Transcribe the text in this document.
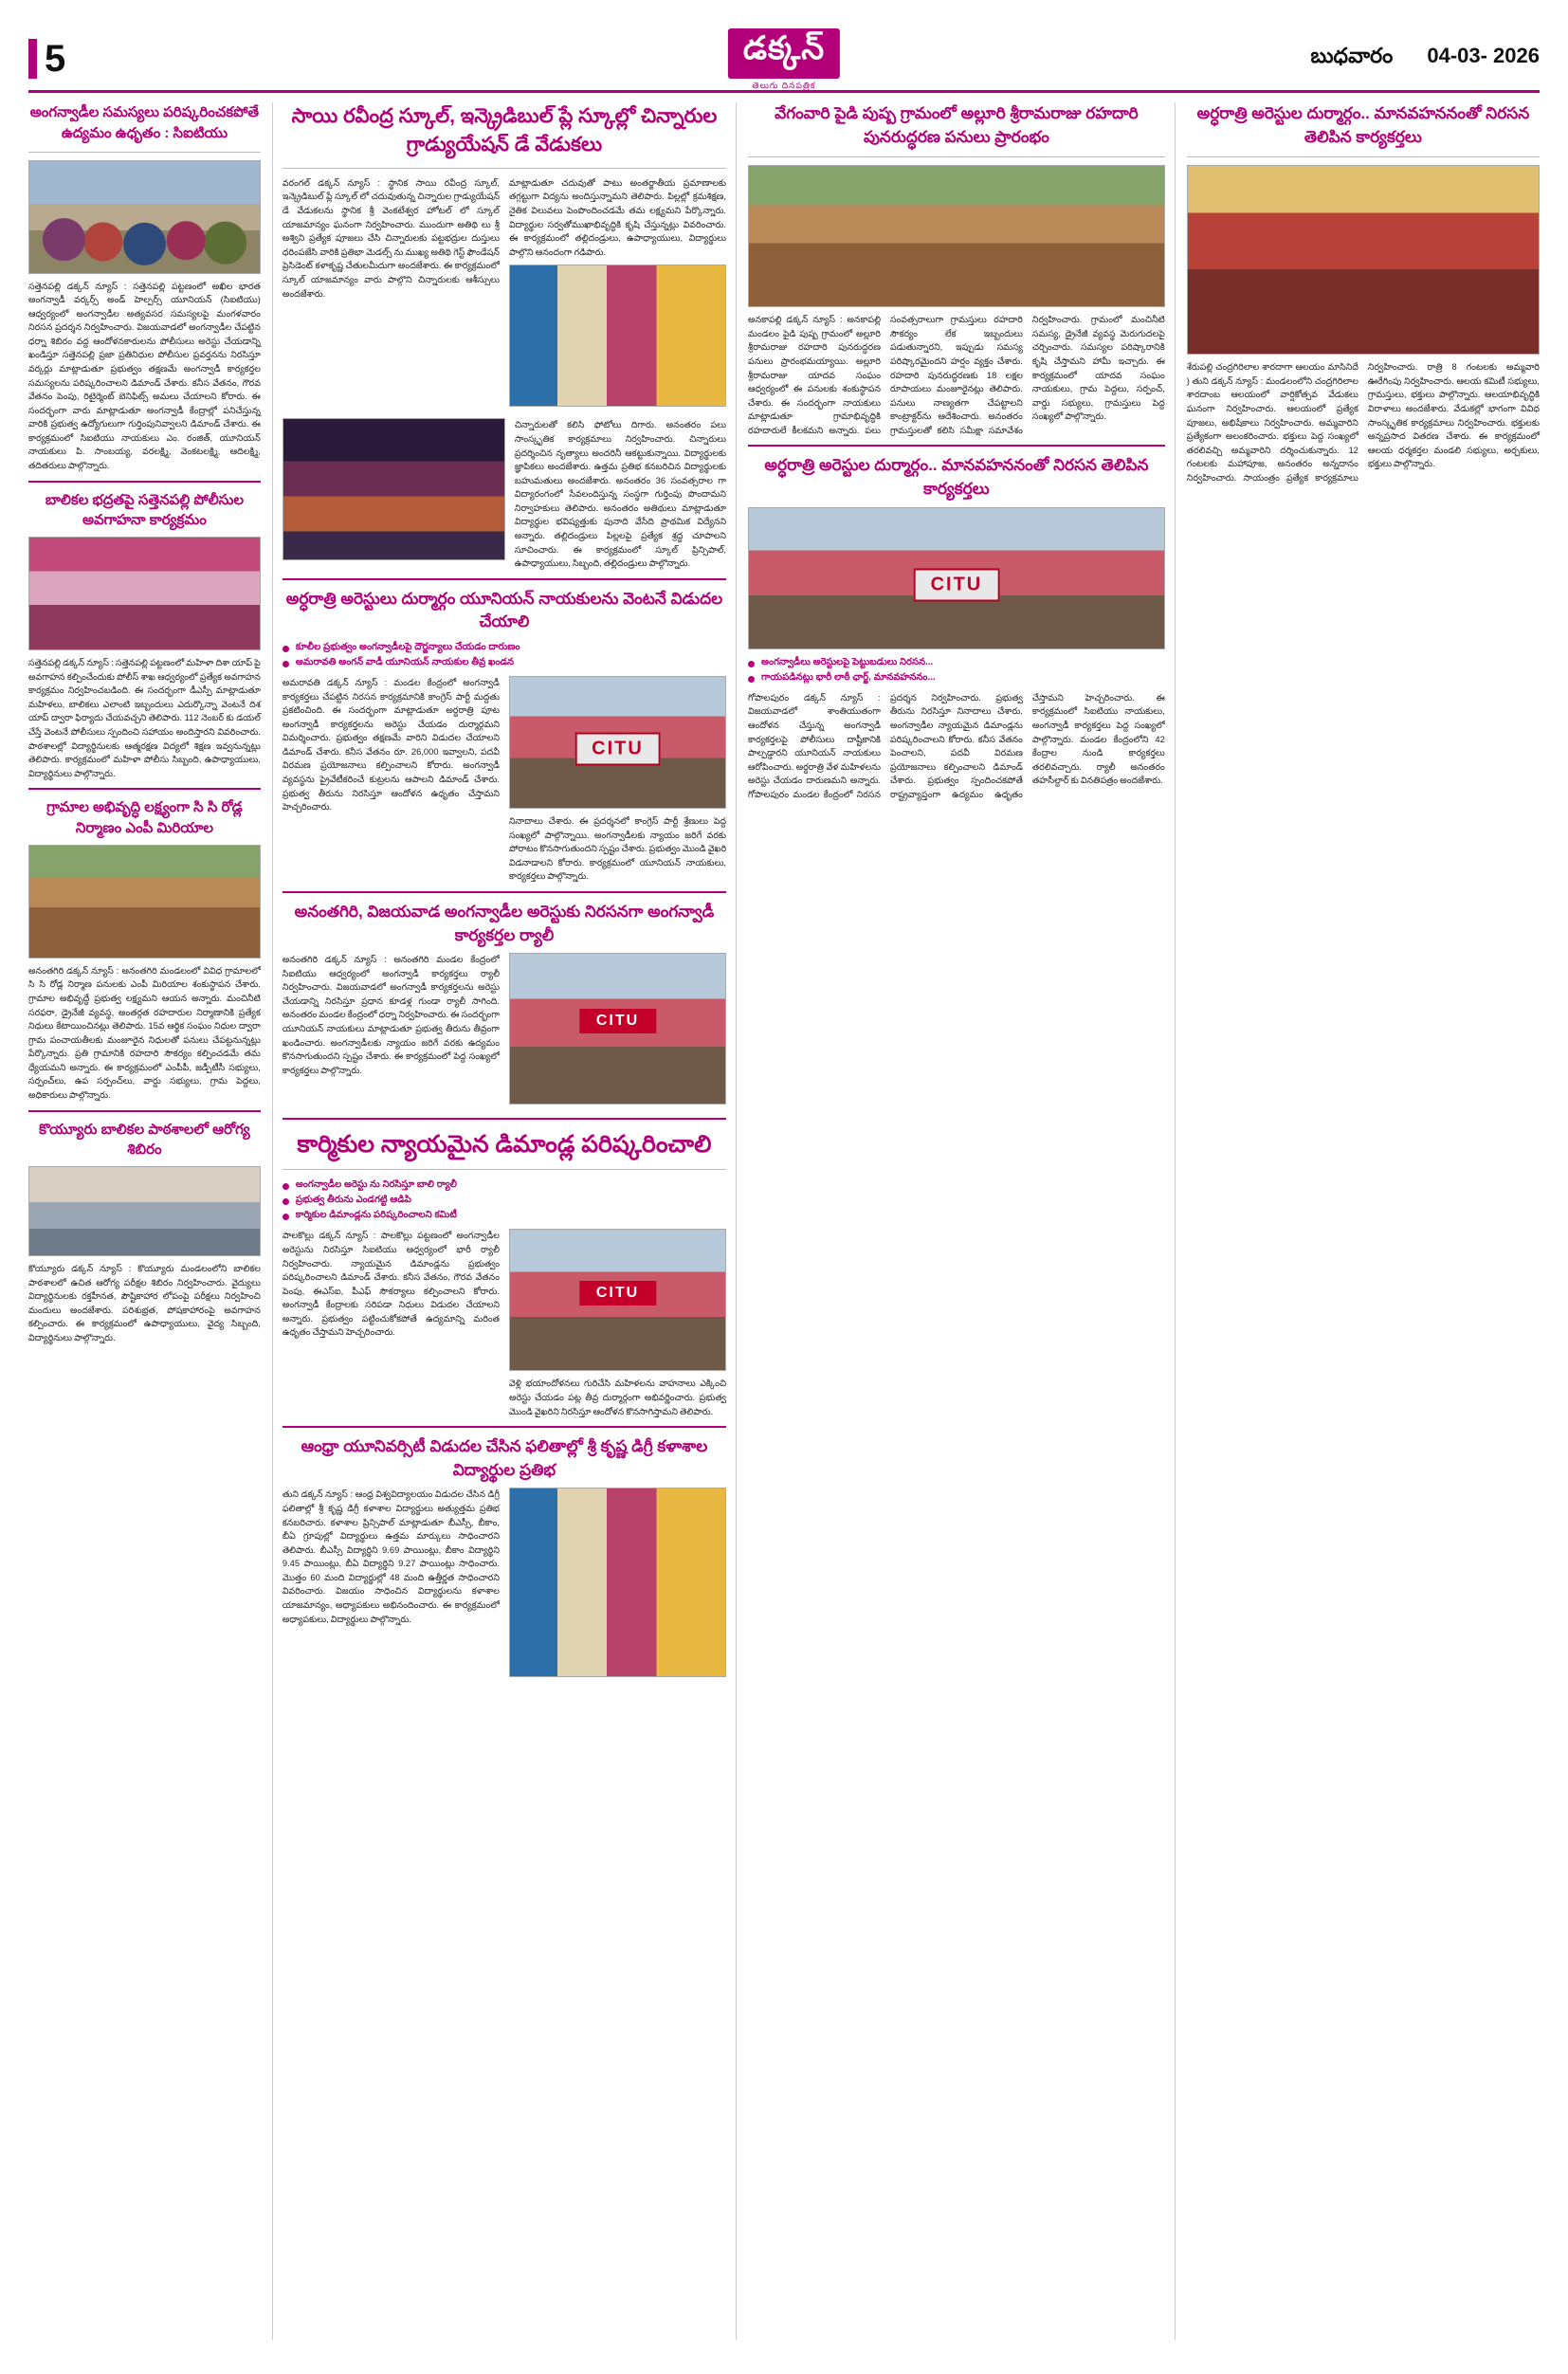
5	డక్కన్
తెలుగు దినపత్రిక
బుధవారం 04-03- 2026
అంగన్వాడీల సమస్యలు పరిష్కరించకపోతే ఉద్యమం ఉధృతం : సిఐటియు
సత్తెనపల్లి డక్కన్ న్యూస్ : సత్తెనపల్లి పట్టణంలో అఖిల భారత అంగన్వాడీ వర్కర్స్ అండ్ హెల్పర్స్ యూనియన్ (సిఐటియు) ఆధ్వర్యంలో అంగన్వాడీల అత్యవసర సమస్యలపై మంగళవారం నిరసన ప్రదర్శన నిర్వహించారు. విజయవాడలో అంగన్వాడీల చేపట్టిన ధర్నా శిబిరం వద్ద ఆందోళనకారులను పోలీసులు అరెస్టు చేయడాన్ని ఖండిస్తూ సత్తెనపల్లి ప్రజా ప్రతినిధుల పోలీసుల ప్రవర్తనను నిరసిస్తూ వర్కర్లు మాట్లాడుతూ ప్రభుత్వం తక్షణమే అంగన్వాడీ కార్యకర్తల సమస్యలను పరిష్కరించాలని డిమాండ్ చేశారు. కనీస వేతనం, గౌరవ వేతనం పెంపు, రిటైర్మెంట్ బెనిఫిట్స్ అమలు చేయాలని కోరారు. ఈ సందర్భంగా వారు మాట్లాడుతూ అంగన్వాడీ కేంద్రాల్లో పనిచేస్తున్న వారికి ప్రభుత్వ ఉద్యోగులుగా గుర్తింపునివ్వాలని డిమాండ్ చేశారు. ఈ కార్యక్రమంలో సిఐటియు నాయకులు ఎం. రంజిత్, యూనియన్ నాయకులు పి. సాంబయ్య, వరలక్ష్మి, వెంకటలక్ష్మి, ఆదిలక్ష్మి, తదితరులు పాల్గొన్నారు.
బాలికల భద్రతపై సత్తెనపల్లి పోలీసుల అవగాహనా కార్యక్రమం
సత్తెనపల్లి డక్కన్ న్యూస్ : సత్తెనపల్లి పట్టణంలో మహిళా దిశా యాప్ పై అవగాహన కల్పించేందుకు పోలీస్ శాఖ ఆధ్వర్యంలో ప్రత్యేక అవగాహన కార్యక్రమం నిర్వహించబడింది. ఈ సందర్భంగా డీఎస్పీ మాట్లాడుతూ మహిళలు, బాలికలు ఎలాంటి ఇబ్బందులు ఎదుర్కొన్నా వెంటనే దిశ యాప్ ద్వారా ఫిర్యాదు చేయవచ్చని తెలిపారు. 112 నెంబర్ కు డయల్ చేస్తే వెంటనే పోలీసులు స్పందించి సహాయం అందిస్తారని వివరించారు. పాఠశాలల్లో విద్యార్థినులకు ఆత్మరక్షణ విద్యలో శిక్షణ ఇవ్వనున్నట్లు తెలిపారు. కార్యక్రమంలో మహిళా పోలీసు సిబ్బంది, ఉపాధ్యాయులు, విద్యార్థినులు పాల్గొన్నారు.
గ్రామాల అభివృద్ధి లక్ష్యంగా సి సి రోడ్ల నిర్మాణం ఎంపీ మిరియాల
అనంతగిరి డక్కన్ న్యూస్ : అనంతగిరి మండలంలో వివిధ గ్రామాలలో సి సి రోడ్ల నిర్మాణ పనులకు ఎంపీ మిరియాల శంకుస్థాపన చేశారు. గ్రామాల అభివృద్ధే ప్రభుత్వ లక్ష్యమని ఆయన అన్నారు. మంచినీటి సరఫరా, డ్రైనేజీ వ్యవస్థ, అంతర్గత రహదారుల నిర్మాణానికి ప్రత్యేక నిధులు కేటాయించినట్లు తెలిపారు. 15వ ఆర్థిక సంఘం నిధుల ద్వారా గ్రామ పంచాయతీలకు మంజూరైన నిధులతో పనులు చేపట్టనున్నట్లు పేర్కొన్నారు. ప్రతి గ్రామానికి రహదారి సౌకర్యం కల్పించడమే తమ ధ్యేయమని అన్నారు. ఈ కార్యక్రమంలో ఎంపీపీ, జడ్పీటీసీ సభ్యులు, సర్పంచ్‌లు, ఉప సర్పంచ్‌లు, వార్డు సభ్యులు, గ్రామ పెద్దలు, అధికారులు పాల్గొన్నారు.
కొయ్యూరు బాలికల పాఠశాలలో ఆరోగ్య శిబిరం
కొయ్యూరు డక్కన్ న్యూస్ : కొయ్యూరు మండలంలోని బాలికల పాఠశాలలో ఉచిత ఆరోగ్య పరీక్షల శిబిరం నిర్వహించారు. వైద్యులు విద్యార్థినులకు రక్తహీనత, పౌష్టికాహార లోపంపై పరీక్షలు నిర్వహించి మందులు అందజేశారు. పరిశుభ్రత, పోషకాహారంపై అవగాహన కల్పించారు. ఈ కార్యక్రమంలో ఉపాధ్యాయులు, వైద్య సిబ్బంది, విద్యార్థినులు పాల్గొన్నారు.
సాయి రవీంద్ర స్కూల్, ఇన్క్రెడిబుల్ ప్లే స్కూల్లో చిన్నారుల గ్రాడ్యుయేషన్ డే వేడుకలు
వరంగల్ డక్కన్ న్యూస్ : స్థానిక సాయి రవీంద్ర స్కూల్, ఇన్క్రెడిబుల్ ప్లే స్కూల్ లో చదువుతున్న చిన్నారుల గ్రాడ్యుయేషన్ డే వేడుకలను స్థానిక శ్రీ వెంకటేశ్వర హోటల్ లో స్కూల్ యాజమాన్యం ఘనంగా నిర్వహించారు. ముందుగా అతిథి లు శ్రీ అశ్విని ప్రత్యేక పూజలు చేసి చిన్నారులకు పట్టభద్రుల దుస్తులు ధరింపజేసి వారికి ప్రతిభా మెడల్స్ ను ముఖ్య అతిథి గెస్ట్ ఫౌండేషన్ ప్రెసిడెంట్ కళాకృష్ణ చేతులమీదుగా అందజేశారు. ఈ కార్యక్రమంలో స్కూల్ యాజమాన్యం వారు పాల్గొని చిన్నారులకు ఆశీస్సులు అందజేశారు.
మాట్లాడుతూ చదువుతో పాటు అంతర్జాతీయ ప్రమాణాలకు తగ్గట్టుగా విద్యను అందిస్తున్నామని తెలిపారు. పిల్లల్లో క్రమశిక్షణ, నైతిక విలువలు పెంపొందించడమే తమ లక్ష్యమని పేర్కొన్నారు. విద్యార్థుల సర్వతోముఖాభివృద్ధికి కృషి చేస్తున్నట్లు వివరించారు. ఈ కార్యక్రమంలో తల్లిదండ్రులు, ఉపాధ్యాయులు, విద్యార్థులు పాల్గొని ఆనందంగా గడిపారు.
చిన్నారులతో కలిసి ఫోటోలు దిగారు. అనంతరం పలు సాంస్కృతిక కార్యక్రమాలు నిర్వహించారు. చిన్నారులు ప్రదర్శించిన నృత్యాలు అందరినీ ఆకట్టుకున్నాయి. విద్యార్థులకు జ్ఞాపికలు అందజేశారు. ఉత్తమ ప్రతిభ కనబరిచిన విద్యార్థులకు బహుమతులు అందజేశారు. అనంతరం 36 సంవత్సరాల గా విద్యారంగంలో సేవలందిస్తున్న సంస్థగా గుర్తింపు పొందామని నిర్వాహకులు తెలిపారు. అనంతరం అతిథులు మాట్లాడుతూ విద్యార్థుల భవిష్యత్తుకు పునాది వేసేది ప్రాథమిక విద్యేనని అన్నారు. తల్లిదండ్రులు పిల్లలపై ప్రత్యేక శ్రద్ధ చూపాలని సూచించారు. ఈ కార్యక్రమంలో స్కూల్ ప్రిన్సిపాల్, ఉపాధ్యాయులు, సిబ్బంది, తల్లిదండ్రులు పాల్గొన్నారు.
అర్ధరాత్రి అరెస్టులు దుర్మార్గం యూనియన్ నాయకులను వెంటనే విడుదల చేయాలి
కూలీల ప్రభుత్వం అంగన్వాడీలపై దౌర్జన్యాలు చేయడం దారుణం
అమరావతి అంగన్ వాడీ యూనియన్ నాయకుల తీవ్ర ఖండన
అమరావతి డక్కన్ న్యూస్ : మండల కేంద్రంలో అంగన్వాడీ కార్యకర్తలు చేపట్టిన నిరసన కార్యక్రమానికి కాంగ్రెస్ పార్టీ మద్దతు ప్రకటించింది. ఈ సందర్భంగా మాట్లాడుతూ అర్ధరాత్రి పూట అంగన్వాడీ కార్యకర్తలను అరెస్టు చేయడం దుర్మార్గమని విమర్శించారు. ప్రభుత్వం తక్షణమే వారిని విడుదల చేయాలని డిమాండ్ చేశారు. కనీస వేతనం రూ. 26,000 ఇవ్వాలని, పదవీ విరమణ ప్రయోజనాలు కల్పించాలని కోరారు. అంగన్వాడీ వ్యవస్థను ప్రైవేటీకరించే కుట్రలను ఆపాలని డిమాండ్ చేశారు. ప్రభుత్వ తీరును నిరసిస్తూ ఆందోళన ఉధృతం చేస్తామని హెచ్చరించారు.
CITU
నినాదాలు చేశారు. ఈ ప్రదర్శనలో కాంగ్రెస్ పార్టీ శ్రేణులు పెద్ద సంఖ్యలో పాల్గొన్నాయి. అంగన్వాడీలకు న్యాయం జరిగే వరకు పోరాటం కొనసాగుతుందని స్పష్టం చేశారు. ప్రభుత్వం మొండి వైఖరి విడనాడాలని కోరారు. కార్యక్రమంలో యూనియన్ నాయకులు, కార్యకర్తలు పాల్గొన్నారు.
అనంతగిరి, విజయవాడ అంగన్వాడీల అరెస్టుకు నిరసనగా అంగన్వాడీ కార్యకర్తల ర్యాలీ
అనంతగిరి డక్కన్ న్యూస్ : అనంతగిరి మండల కేంద్రంలో సిఐటియు ఆధ్వర్యంలో అంగన్వాడీ కార్యకర్తలు ర్యాలీ నిర్వహించారు. విజయవాడలో అంగన్వాడీ కార్యకర్తలను అరెస్టు చేయడాన్ని నిరసిస్తూ ప్రధాన కూడళ్ల గుండా ర్యాలీ సాగింది. అనంతరం మండల కేంద్రంలో ధర్నా నిర్వహించారు. ఈ సందర్భంగా యూనియన్ నాయకులు మాట్లాడుతూ ప్రభుత్వ తీరును తీవ్రంగా ఖండించారు. అంగన్వాడీలకు న్యాయం జరిగే వరకు ఉద్యమం కొనసాగుతుందని స్పష్టం చేశారు. ఈ కార్యక్రమంలో పెద్ద సంఖ్యలో కార్యకర్తలు పాల్గొన్నారు.
CITU
కార్మికుల న్యాయమైన డిమాండ్ల పరిష్కరించాలి
అంగన్వాడీల అరెస్టు ను నిరసిస్తూ బాలి ర్యాలీ
ప్రభుత్వ తీరును ఎండగట్టి ఆడిపి
కార్మికుల డిమాండ్లను పరిష్కరించాలని కమిటీ
పాలకొల్లు డక్కన్ న్యూస్ : పాలకొల్లు పట్టణంలో అంగన్వాడీల అరెస్టును నిరసిస్తూ సిఐటియు ఆధ్వర్యంలో భారీ ర్యాలీ నిర్వహించారు. న్యాయమైన డిమాండ్లను ప్రభుత్వం పరిష్కరించాలని డిమాండ్ చేశారు. కనీస వేతనం, గౌరవ వేతనం పెంపు, ఈఎస్ఐ, పీఎఫ్ సౌకర్యాలు కల్పించాలని కోరారు. అంగన్వాడీ కేంద్రాలకు సరిపడా నిధులు విడుదల చేయాలని అన్నారు. ప్రభుత్వం పట్టించుకోకపోతే ఉద్యమాన్ని మరింత ఉధృతం చేస్తామని హెచ్చరించారు.
CITU
వెళ్లి భయాందోళనలు గురిచేసి మహిళలను వాహనాలు ఎక్కించి అరెస్టు చేయడం పట్ల తీవ్ర దుర్మార్గంగా అభివర్ణించారు. ప్రభుత్వ మొండి వైఖరిని నిరసిస్తూ ఆందోళన కొనసాగిస్తామని తెలిపారు.
ఆంధ్రా యూనివర్సిటీ విడుదల చేసిన ఫలితాల్లో శ్రీ కృష్ణ డిగ్రీ కళాశాల విద్యార్థుల ప్రతిభ
తుని డక్కన్ న్యూస్ : ఆంధ్ర విశ్వవిద్యాలయం విడుదల చేసిన డిగ్రీ ఫలితాల్లో శ్రీ కృష్ణ డిగ్రీ కళాశాల విద్యార్థులు అత్యుత్తమ ప్రతిభ కనబరిచారు. కళాశాల ప్రిన్సిపాల్ మాట్లాడుతూ బీఎస్సీ, బీకాం, బీఏ గ్రూపుల్లో విద్యార్థులు ఉత్తమ మార్కులు సాధించారని తెలిపారు. బీఎస్సీ విద్యార్థిని 9.69 పాయింట్లు, బీకాం విద్యార్థిని 9.45 పాయింట్లు, బీఏ విద్యార్థిని 9.27 పాయింట్లు సాధించారు. మొత్తం 60 మంది విద్యార్థుల్లో 48 మంది ఉత్తీర్ణత సాధించారని వివరించారు. విజయం సాధించిన విద్యార్థులను కళాశాల యాజమాన్యం, అధ్యాపకులు అభినందించారు. ఈ కార్యక్రమంలో అధ్యాపకులు, విద్యార్థులు పాల్గొన్నారు.
వేగంవారి పైడి పుష్ప గ్రామంలో అల్లూరి శ్రీరామరాజు రహదారి పునరుద్ధరణ పనులు ప్రారంభం
అనకాపల్లి డక్కన్ న్యూస్ : అనకాపల్లి మండలం పైడి పుష్ప గ్రామంలో అల్లూరి శ్రీరామరాజు రహదారి పునరుద్ధరణ పనులు ప్రారంభమయ్యాయి. అల్లూరి శ్రీరామరాజు యాదవ సంఘం ఆధ్వర్యంలో ఈ పనులకు శంకుస్థాపన చేశారు. ఈ సందర్భంగా నాయకులు మాట్లాడుతూ గ్రామాభివృద్ధికి రహదారులే కీలకమని అన్నారు. పలు సంవత్సరాలుగా గ్రామస్తులు రహదారి సౌకర్యం లేక ఇబ్బందులు పడుతున్నారని, ఇప్పుడు సమస్య పరిష్కారమైందని హర్షం వ్యక్తం చేశారు. రహదారి పునరుద్ధరణకు 18 లక్షల రూపాయలు మంజూరైనట్లు తెలిపారు. పనులు నాణ్యతగా చేపట్టాలని కాంట్రాక్టర్‌ను ఆదేశించారు. అనంతరం గ్రామస్తులతో కలిసి సమీక్షా సమావేశం నిర్వహించారు. గ్రామంలో మంచినీటి సమస్య, డ్రైనేజీ వ్యవస్థ మెరుగుదలపై చర్చించారు. సమస్యల పరిష్కారానికి కృషి చేస్తామని హామీ ఇచ్చారు. ఈ కార్యక్రమంలో యాదవ సంఘం నాయకులు, గ్రామ పెద్దలు, సర్పంచ్, వార్డు సభ్యులు, గ్రామస్తులు పెద్ద సంఖ్యలో పాల్గొన్నారు.
అర్ధరాత్రి అరెస్టుల దుర్మార్గం.. మానవహననంతో నిరసన తెలిపిన కార్యకర్తలు
CITU
అంగన్వాడీలు అరెస్టులపై పెట్టుబడులు నిరసన...
గాయపడినట్లు భారీ లాఠీ ఛార్జ్, మానవహననం...
గోపాలపురం డక్కన్ న్యూస్ : విజయవాడలో శాంతియుతంగా ఆందోళన చేస్తున్న అంగన్వాడీ కార్యకర్తలపై పోలీసులు దాష్టీకానికి పాల్పడ్డారని యూనియన్ నాయకులు ఆరోపించారు. అర్ధరాత్రి వేళ మహిళలను అరెస్టు చేయడం దారుణమని అన్నారు. గోపాలపురం మండల కేంద్రంలో నిరసన ప్రదర్శన నిర్వహించారు. ప్రభుత్వ తీరును నిరసిస్తూ నినాదాలు చేశారు. అంగన్వాడీల న్యాయమైన డిమాండ్లను పరిష్కరించాలని కోరారు. కనీస వేతనం పెంచాలని, పదవీ విరమణ ప్రయోజనాలు కల్పించాలని డిమాండ్ చేశారు. ప్రభుత్వం స్పందించకపోతే రాష్ట్రవ్యాప్తంగా ఉద్యమం ఉధృతం చేస్తామని హెచ్చరించారు. ఈ కార్యక్రమంలో సిఐటియు నాయకులు, అంగన్వాడీ కార్యకర్తలు పెద్ద సంఖ్యలో పాల్గొన్నారు. మండల కేంద్రంలోని 42 కేంద్రాల నుండి కార్యకర్తలు తరలివచ్చారు. ర్యాలీ అనంతరం తహసీల్దార్ కు వినతిపత్రం అందజేశారు.
అర్ధరాత్రి అరెస్టుల దుర్మార్గం.. మానవహననంతో నిరసన తెలిపిన కార్యకర్తలు
శేరుపల్లి చంద్రగిరిలాల శారదాగా ఆలయం మాసినిదే ) తుని డక్కన్ న్యూస్ : మండలంలోని చంద్రగిరిలాల శారదాంబ ఆలయంలో వార్షికోత్సవ వేడుకలు ఘనంగా నిర్వహించారు. ఆలయంలో ప్రత్యేక పూజలు, అభిషేకాలు నిర్వహించారు. అమ్మవారిని ప్రత్యేకంగా అలంకరించారు. భక్తులు పెద్ద సంఖ్యలో తరలివచ్చి అమ్మవారిని దర్శించుకున్నారు. 12 గంటలకు మహాపూజ, అనంతరం అన్నదానం నిర్వహించారు. సాయంత్రం ప్రత్యేక కార్యక్రమాలు నిర్వహించారు. రాత్రి 8 గంటలకు అమ్మవారి ఊరేగింపు నిర్వహించారు. ఆలయ కమిటీ సభ్యులు, గ్రామస్తులు, భక్తులు పాల్గొన్నారు. ఆలయాభివృద్ధికి విరాళాలు అందజేశారు. వేడుకల్లో భాగంగా వివిధ సాంస్కృతిక కార్యక్రమాలు నిర్వహించారు. భక్తులకు అన్నప్రసాద వితరణ చేశారు. ఈ కార్యక్రమంలో ఆలయ ధర్మకర్తల మండలి సభ్యులు, అర్చకులు, భక్తులు పాల్గొన్నారు.
